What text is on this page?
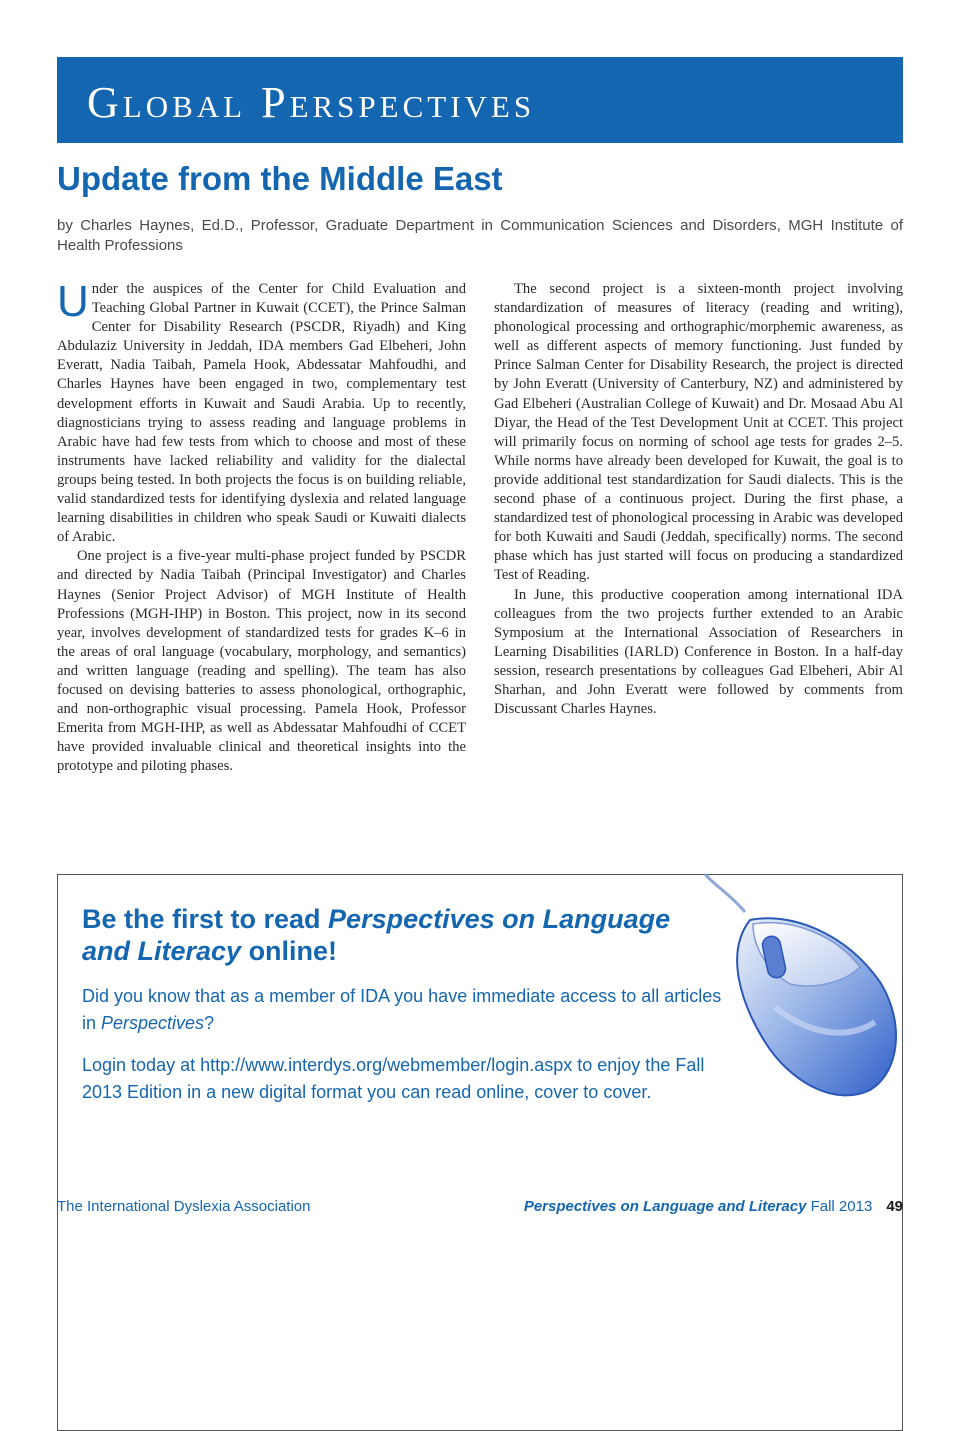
Global Perspectives
Update from the Middle East

by Charles Haynes, Ed.D., Professor, Graduate Department in Communication Sciences and Disorders, MGH Institute of Health Professions

Under the auspices of the Center for Child Evaluation and Teaching Global Partner in Kuwait (CCET), the Prince Salman Center for Disability Research (PSCDR, Riyadh) and King Abdulaziz University in Jeddah, IDA members Gad Elbeheri, John Everatt, Nadia Taibah, Pamela Hook, Abdessatar Mahfoudhi, and Charles Haynes have been engaged in two, complementary test development efforts in Kuwait and Saudi Arabia. Up to recently, diagnosticians trying to assess reading and language problems in Arabic have had few tests from which to choose and most of these instruments have lacked reliability and validity for the dialectal groups being tested. In both projects the focus is on building reliable, valid standardized tests for identifying dyslexia and related language learning disabilities in children who speak Saudi or Kuwaiti dialects of Arabic.

One project is a five-year multi-phase project funded by PSCDR and directed by Nadia Taibah (Principal Investigator) and Charles Haynes (Senior Project Advisor) of MGH Institute of Health Professions (MGH-IHP) in Boston. This project, now in its second year, involves development of standardized tests for grades K–6 in the areas of oral language (vocabulary, morphology, and semantics) and written language (reading and spelling). The team has also focused on devising batteries to assess phonological, orthographic, and non-orthographic visual processing. Pamela Hook, Professor Emerita from MGH-IHP, as well as Abdessatar Mahfoudhi of CCET have provided invaluable clinical and theoretical insights into the prototype and piloting phases.

The second project is a sixteen-month project involving standardization of measures of literacy (reading and writing), phonological processing and orthographic/morphemic awareness, as well as different aspects of memory functioning. Just funded by Prince Salman Center for Disability Research, the project is directed by John Everatt (University of Canterbury, NZ) and administered by Gad Elbeheri (Australian College of Kuwait) and Dr. Mosaad Abu Al Diyar, the Head of the Test Development Unit at CCET. This project will primarily focus on norming of school age tests for grades 2–5. While norms have already been developed for Kuwait, the goal is to provide additional test standardization for Saudi dialects. This is the second phase of a continuous project. During the first phase, a standardized test of phonological processing in Arabic was developed for both Kuwaiti and Saudi (Jeddah, specifically) norms. The second phase which has just started will focus on producing a standardized Test of Reading.

In June, this productive cooperation among international IDA colleagues from the two projects further extended to an Arabic Symposium at the International Association of Researchers in Learning Disabilities (IARLD) Conference in Boston. In a half-day session, research presentations by colleagues Gad Elbeheri, Abir Al Sharhan, and John Everatt were followed by comments from Discussant Charles Haynes.

Be the first to read Perspectives on Language and Literacy online!

Did you know that as a member of IDA you have immediate access to all articles in Perspectives?

Login today at http://www.interdys.org/webmember/login.aspx to enjoy the Fall 2013 Edition in a new digital format you can read online, cover to cover.

The International Dyslexia Association	Perspectives on Language and Literacy Fall 2013 49
